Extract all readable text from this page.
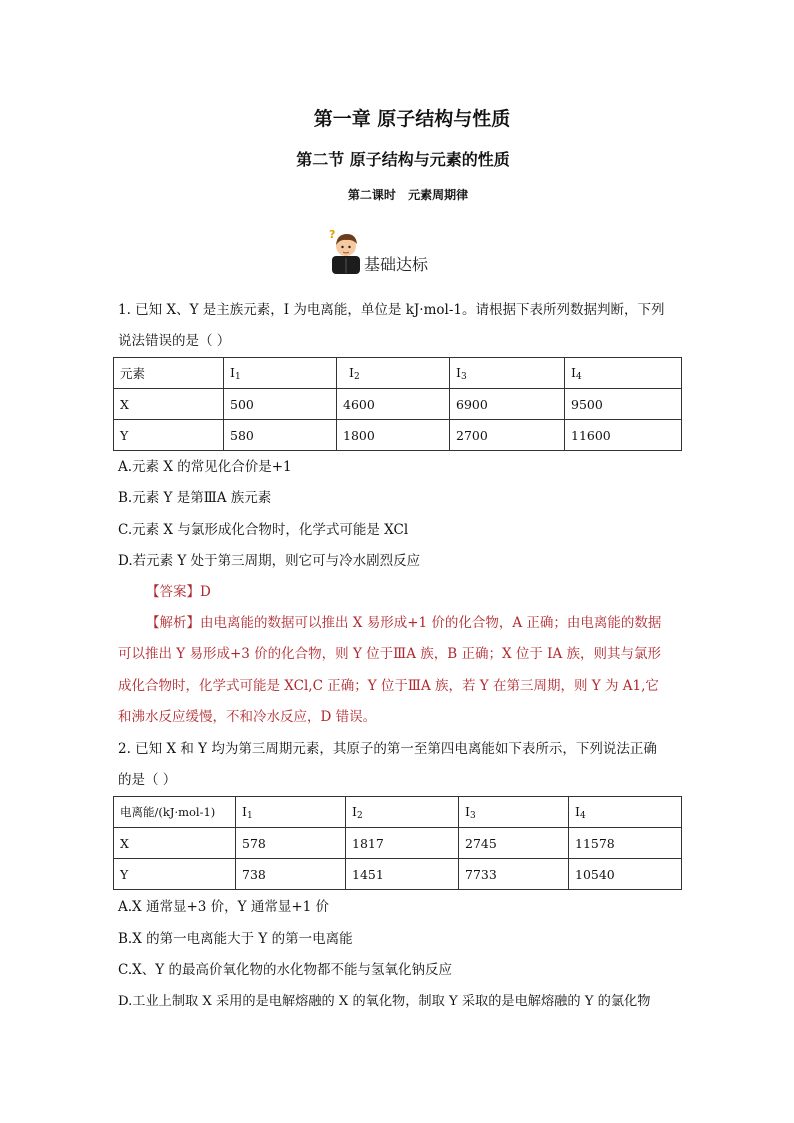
第一章 原子结构与性质
第二节 原子结构与元素的性质
第二课时 元素周期律
?
基础达标
1. 已知 X、Y 是主族元素，I 为电离能，单位是 kJ·mol-1。请根据下表所列数据判断，下列
说法错误的是（ ）
元素	$I_1$	$I_2$	$I_3$	$I_4$
X	500	4600	6900	9500
Y	580	1800	2700	11600
A.元素 X 的常见化合价是+1
B.元素 Y 是第ⅢA 族元素
C.元素 X 与氯形成化合物时，化学式可能是 XCl
D.若元素 Y 处于第三周期，则它可与冷水剧烈反应
【答案】D
【解析】由电离能的数据可以推出 X 易形成+1 价的化合物，A 正确；由电离能的数据
可以推出 Y 易形成+3 价的化合物，则 Y 位于ⅢA 族，B 正确；X 位于 IA 族，则其与氯形
成化合物时，化学式可能是 XCl,C 正确；Y 位于ⅢA 族，若 Y 在第三周期，则 Y 为 A1,它
和沸水反应缓慢，不和冷水反应，D 错误。
2. 已知 X 和 Y 均为第三周期元素，其原子的第一至第四电离能如下表所示，下列说法正确
的是（ ）
电离能/(kJ·mol-1)	$I_1$	$I_2$	$I_3$	$I_4$
X	578	1817	2745	11578
Y	738	1451	7733	10540
A.X 通常显+3 价，Y 通常显+1 价
B.X 的第一电离能大于 Y 的第一电离能
C.X、Y 的最高价氧化物的水化物都不能与氢氧化钠反应
D.工业上制取 X 采用的是电解熔融的 X 的氧化物，制取 Y 采取的是电解熔融的 Y 的氯化物
